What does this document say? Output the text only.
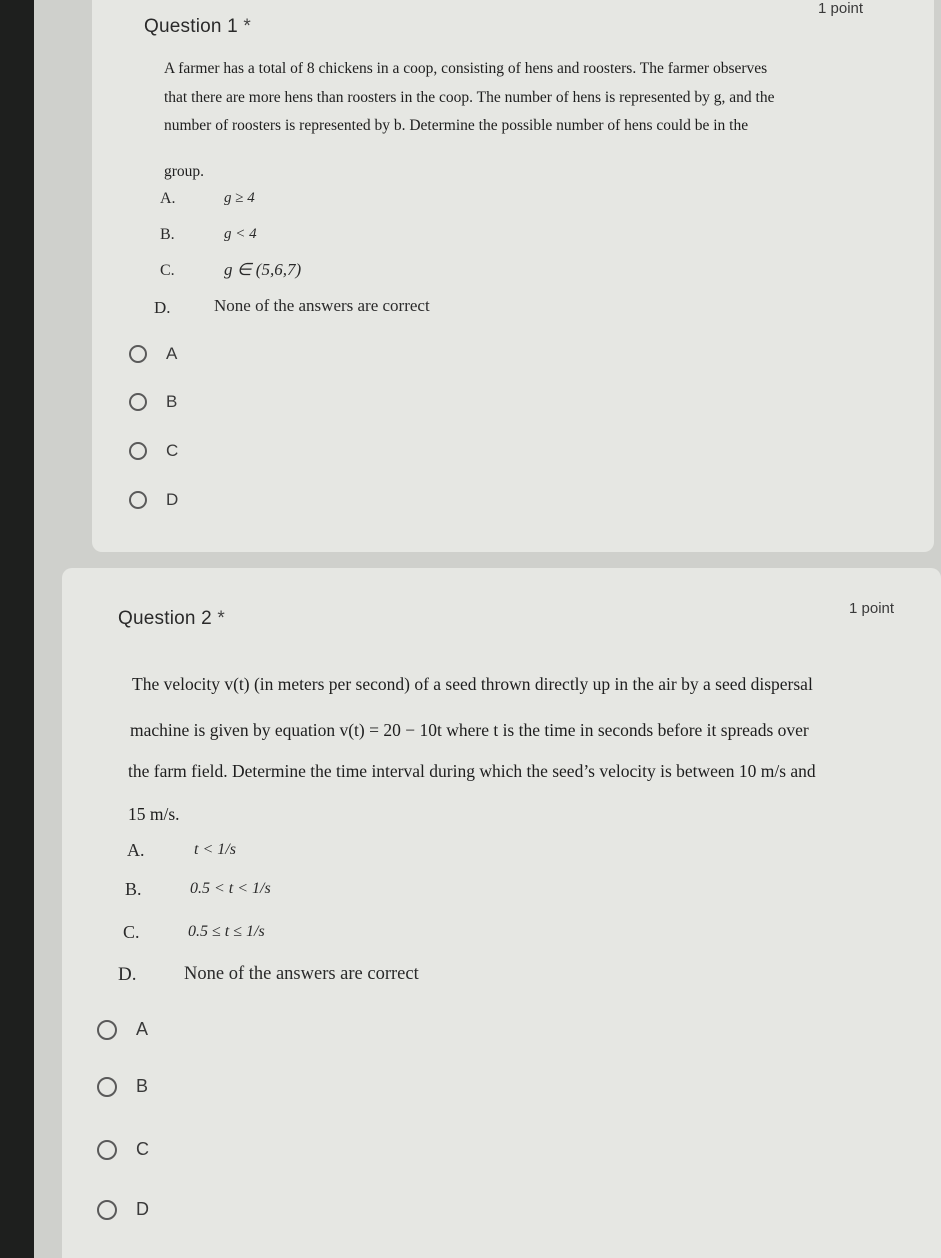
Question 1 *
1 point
A farmer has a total of 8 chickens in a coop, consisting of hens and roosters. The farmer observes
that there are more hens than roosters in the coop. The number of hens is represented by g, and the
number of roosters is represented by b. Determine the possible number of hens could be in the
group.
A.	g ≥ 4
B.	g < 4
C.	g ∈ (5,6,7)
D.	None of the answers are correct
A
B
C
D
Question 2 *	1 point
The velocity v(t) (in meters per second) of a seed thrown directly up in the air by a seed dispersal
machine is given by equation v(t) = 20 − 10t where t is the time in seconds before it spreads over
the farm field. Determine the time interval during which the seed’s velocity is between 10 m/s and
15 m/s.
A.	t < 1/s
B.	0.5 < t < 1/s
C.	0.5 ≤ t ≤ 1/s
D.	None of the answers are correct
A
B
C
D
